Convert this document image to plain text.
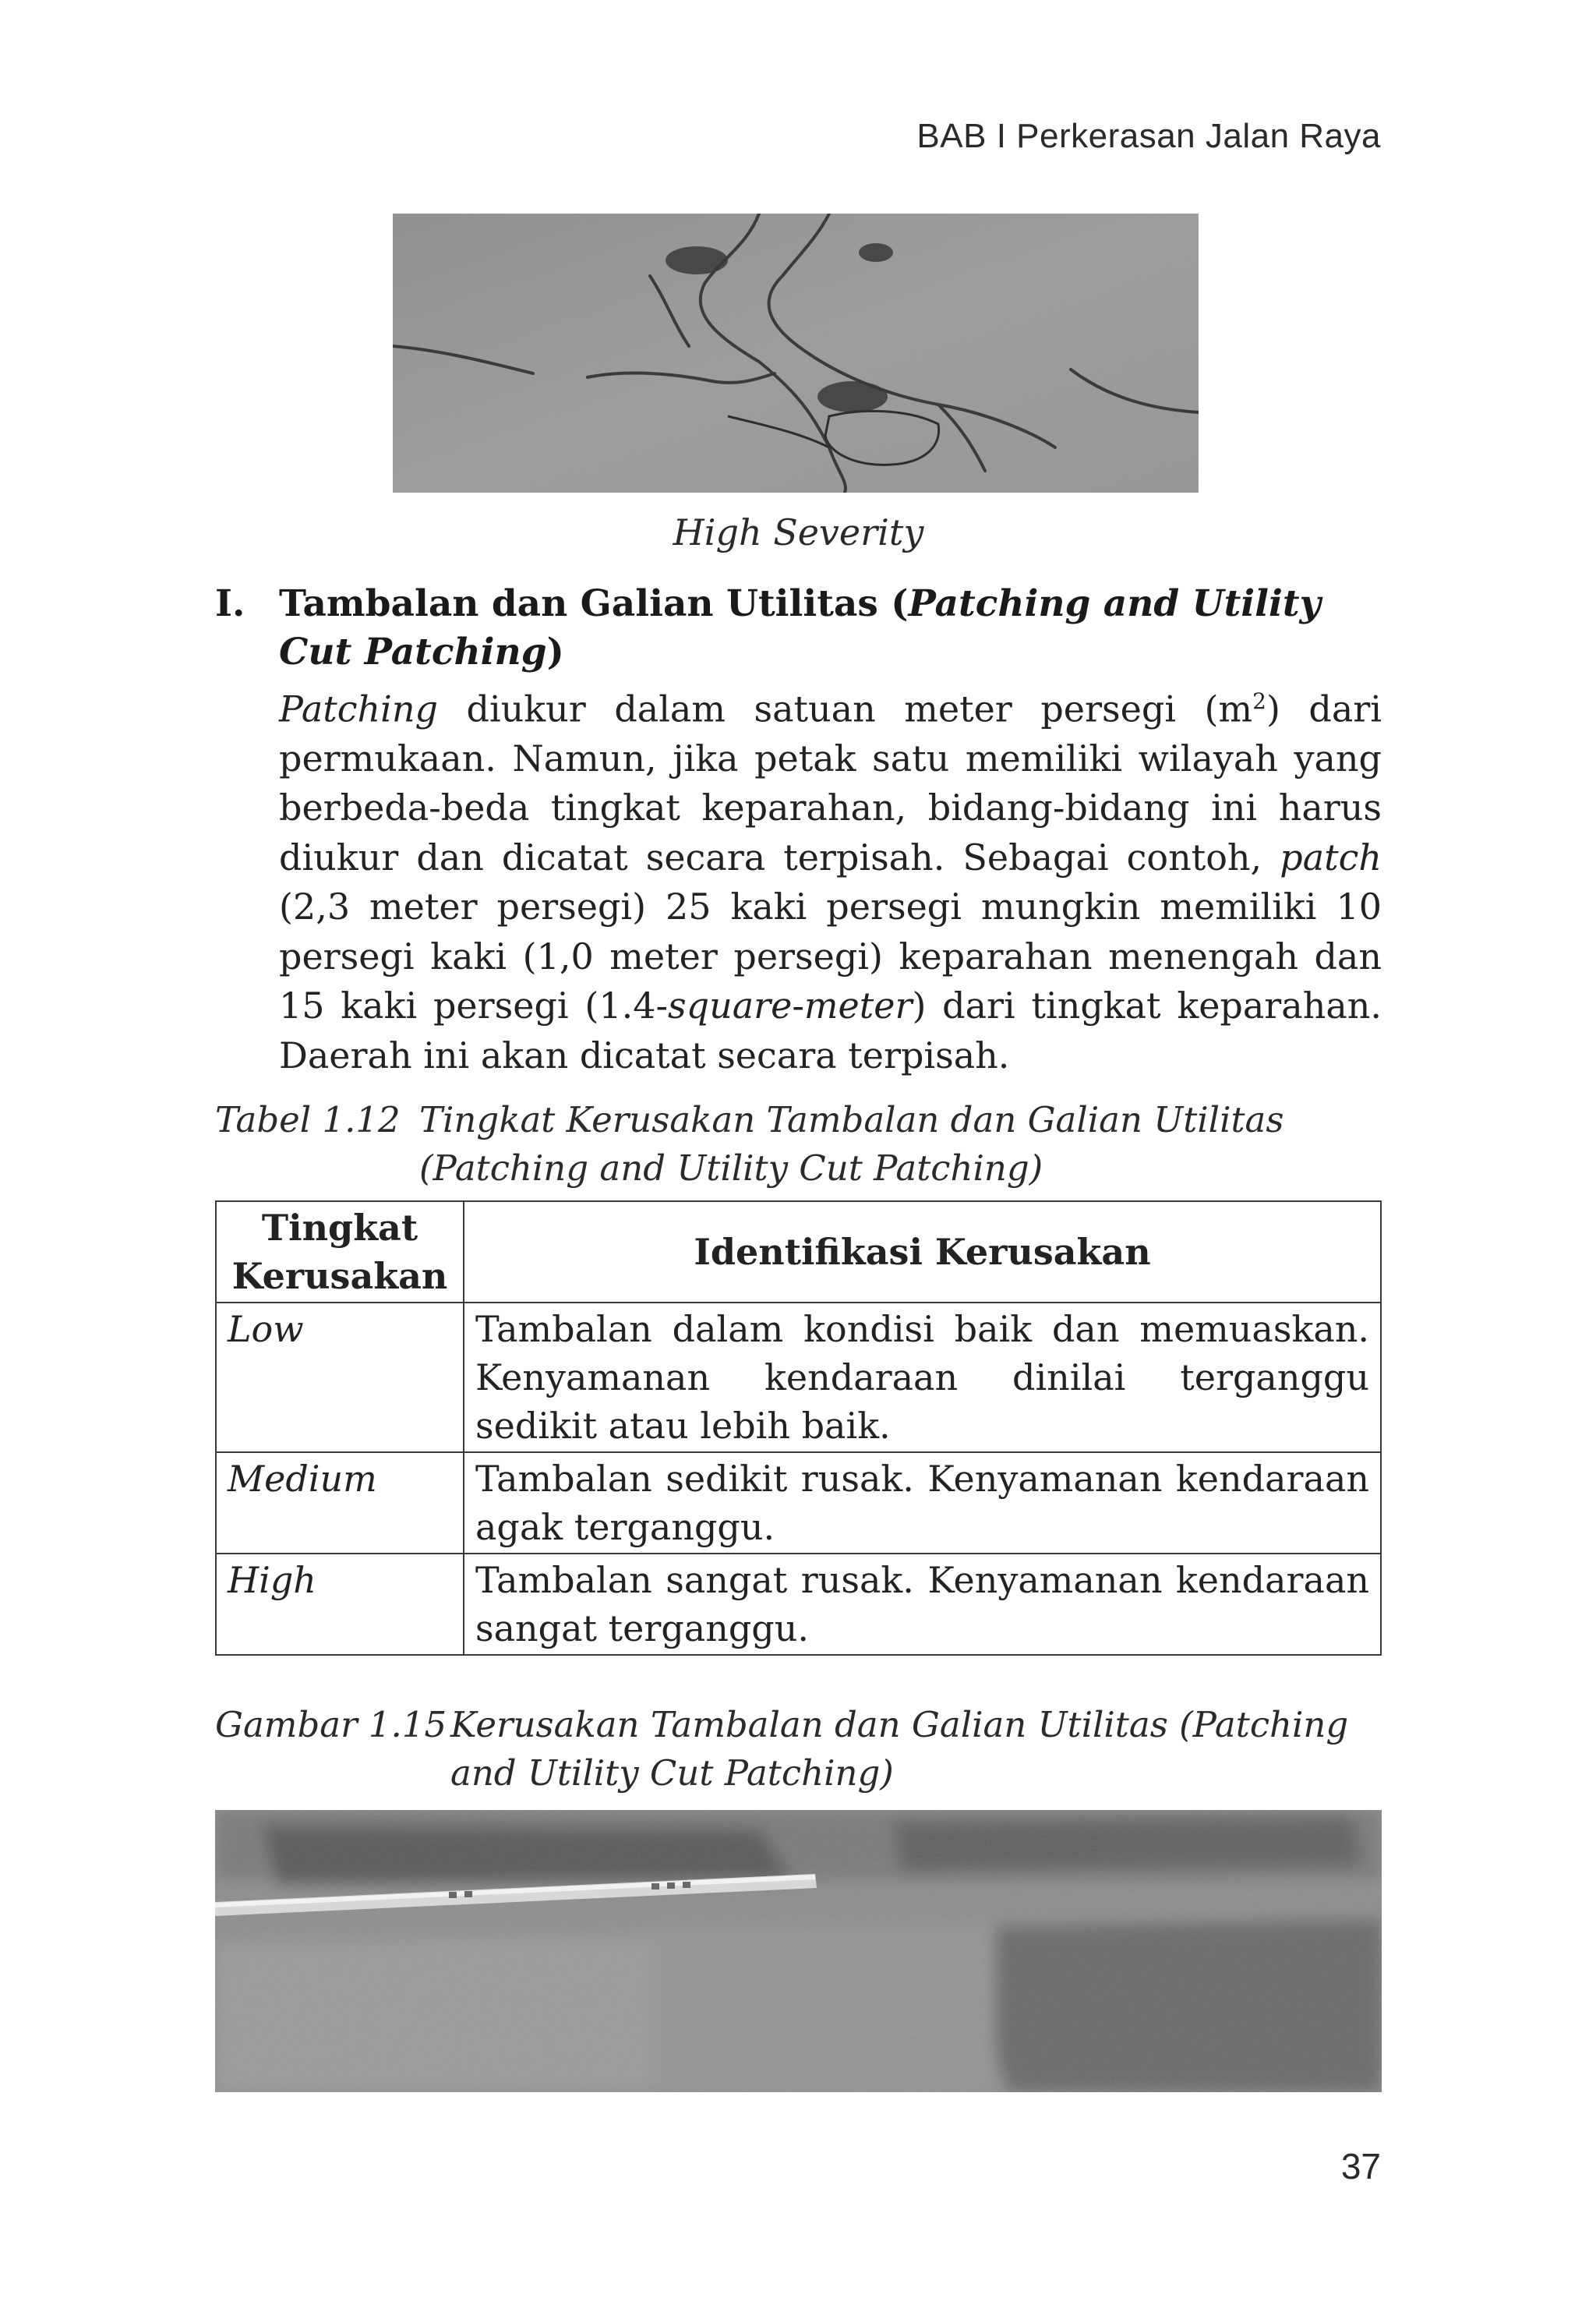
BAB I Perkerasan Jalan Raya
High Severity
I. Tambalan dan Galian Utilitas (Patching and Utility Cut Patching)
Patching diukur dalam satuan meter persegi $(m^2)$ dari permukaan. Namun, jika petak satu memiliki wilayah yang berbeda-beda tingkat keparahan, bidang-bidang ini harus diukur dan dicatat secara terpisah. Sebagai contoh, patch (2,3 meter persegi) 25 kaki persegi mungkin memiliki 10 persegi kaki (1,0 meter persegi) keparahan menengah dan 15 kaki persegi (1.4-square-meter) dari tingkat keparahan. Daerah ini akan dicatat secara terpisah.
Tabel 1.12 Tingkat Kerusakan Tambalan dan Galian Utilitas
(Patching and Utility Cut Patching)
Tingkat Kerusakan	Identifikasi Kerusakan
Low	Tambalan dalam kondisi baik dan memuaskan. Kenyamanan kendaraan dinilai terganggu sedikit atau lebih baik.
Medium	Tambalan sedikit rusak. Kenyamanan kendaraan agak terganggu.
High	Tambalan sangat rusak. Kenyamanan kendaraan sangat terganggu.
Gambar 1.15 Kerusakan Tambalan dan Galian Utilitas (Patching
and Utility Cut Patching)
37
